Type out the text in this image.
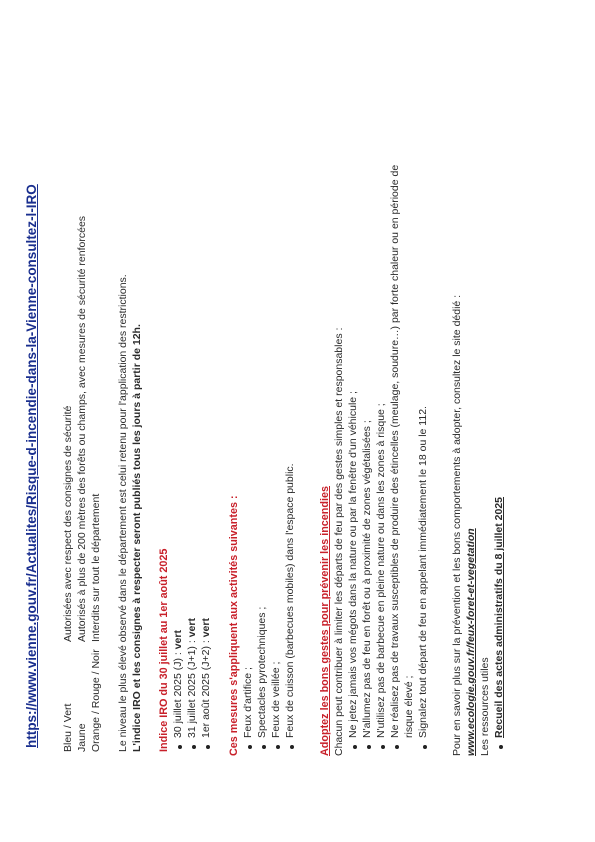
https://www.vienne.gouv.fr/Actualites/Risque-d-incendie-dans-la-Vienne-consultez-l-IRO Bleu / Vert
Autorisées avec respect des consignes de sécurité
Jaune
Autorisés à plus de 200 mètres des forêts ou champs, avec mesures de sécurité renforcées
Orange / Rouge / Noir
Interdits sur tout le département Le niveau le plus élevé observé dans le département est celui retenu pour l'application des restrictions. L'indice IRO et les consignes à respecter seront publiés tous les jours à partir de 12h. Indice IRO du 30 juillet au 1er août 2025 30 juillet 2025 (J) : vert
31 juillet 2025 (J+1) : vert
1er août 2025 (J+2) : vert Ces mesures s'appliquent aux activités suivantes : Feux d'artifice ; Spectacles pyrotechniques ; Feux de veillée ; Feux de cuisson (barbecues mobiles) dans l'espace public. Adoptez les bons gestes pour prévenir les incendies Chacun peut contribuer à limiter les départs de feu par des gestes simples et responsables : Ne jetez jamais vos mégots dans la nature ou par la fenêtre d'un véhicule ; N'allumez pas de feu en forêt ou à proximité de zones végétalisées ; N'utilisez pas de barbecue en pleine nature ou dans les zones à risque ; Ne réalisez pas de travaux susceptibles de produire des étincelles (meulage, soudure…) par forte chaleur ou en période de risque élevé ; Signalez tout départ de feu en appelant immédiatement le 18 ou le 112. Pour en savoir plus sur la prévention et les bons comportements à adopter, consultez le site dédié : www.ecologie.gouv.fr/feux-foret-et-vegetation Les ressources utiles Recueil des actes administratifs du 8 juillet 2025
